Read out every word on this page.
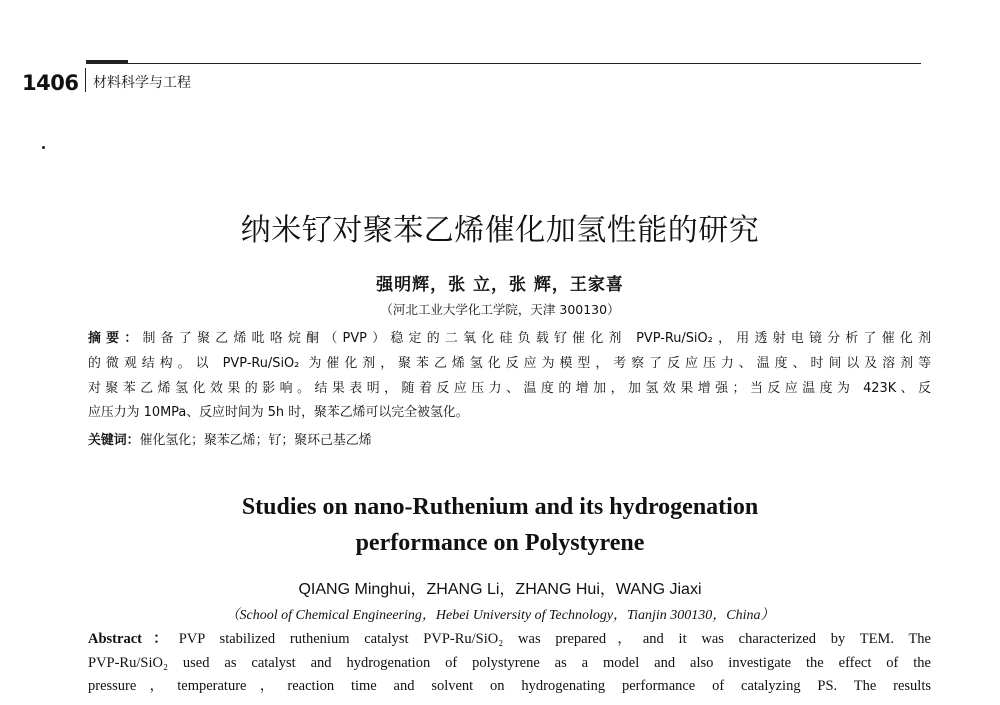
1406 材料科学与工程
纳米钌对聚苯乙烯催化加氢性能的研究
强明辉，张 立，张 辉，王家喜
（河北工业大学化工学院，天津 300130）
摘要：制备了聚乙烯吡咯烷酮（PVP）稳定的二氧化硅负载钌催化剂 PVP-Ru/SiO₂，用透射电镜分析了催化剂
的微观结构。以 PVP-Ru/SiO₂ 为催化剂，聚苯乙烯氢化反应为模型，考察了反应压力、温度、时间以及溶剂等
对聚苯乙烯氢化效果的影响。结果表明，随着反应压力、温度的增加，加氢效果增强；当反应温度为 423K、反
应压力为 10MPa、反应时间为 5h 时，聚苯乙烯可以完全被氢化。
关键词：催化氢化；聚苯乙烯；钌；聚环己基乙烯
Studies on nano-Ruthenium and its hydrogenation
performance on Polystyrene
QIANG Minghui，ZHANG Li，ZHANG Hui，WANG Jiaxi
（School of Chemical Engineering，Hebei University of Technology，Tianjin 300130，China）
Abstract：PVP stabilized ruthenium catalyst PVP-Ru/SiO₂ was prepared，and it was characterized by TEM. The
PVP-Ru/SiO₂ used as catalyst and hydrogenation of polystyrene as a model and also investigate the effect of the
pressure，temperature，reaction time and solvent on hydrogenating performance of catalyzing PS. The results
